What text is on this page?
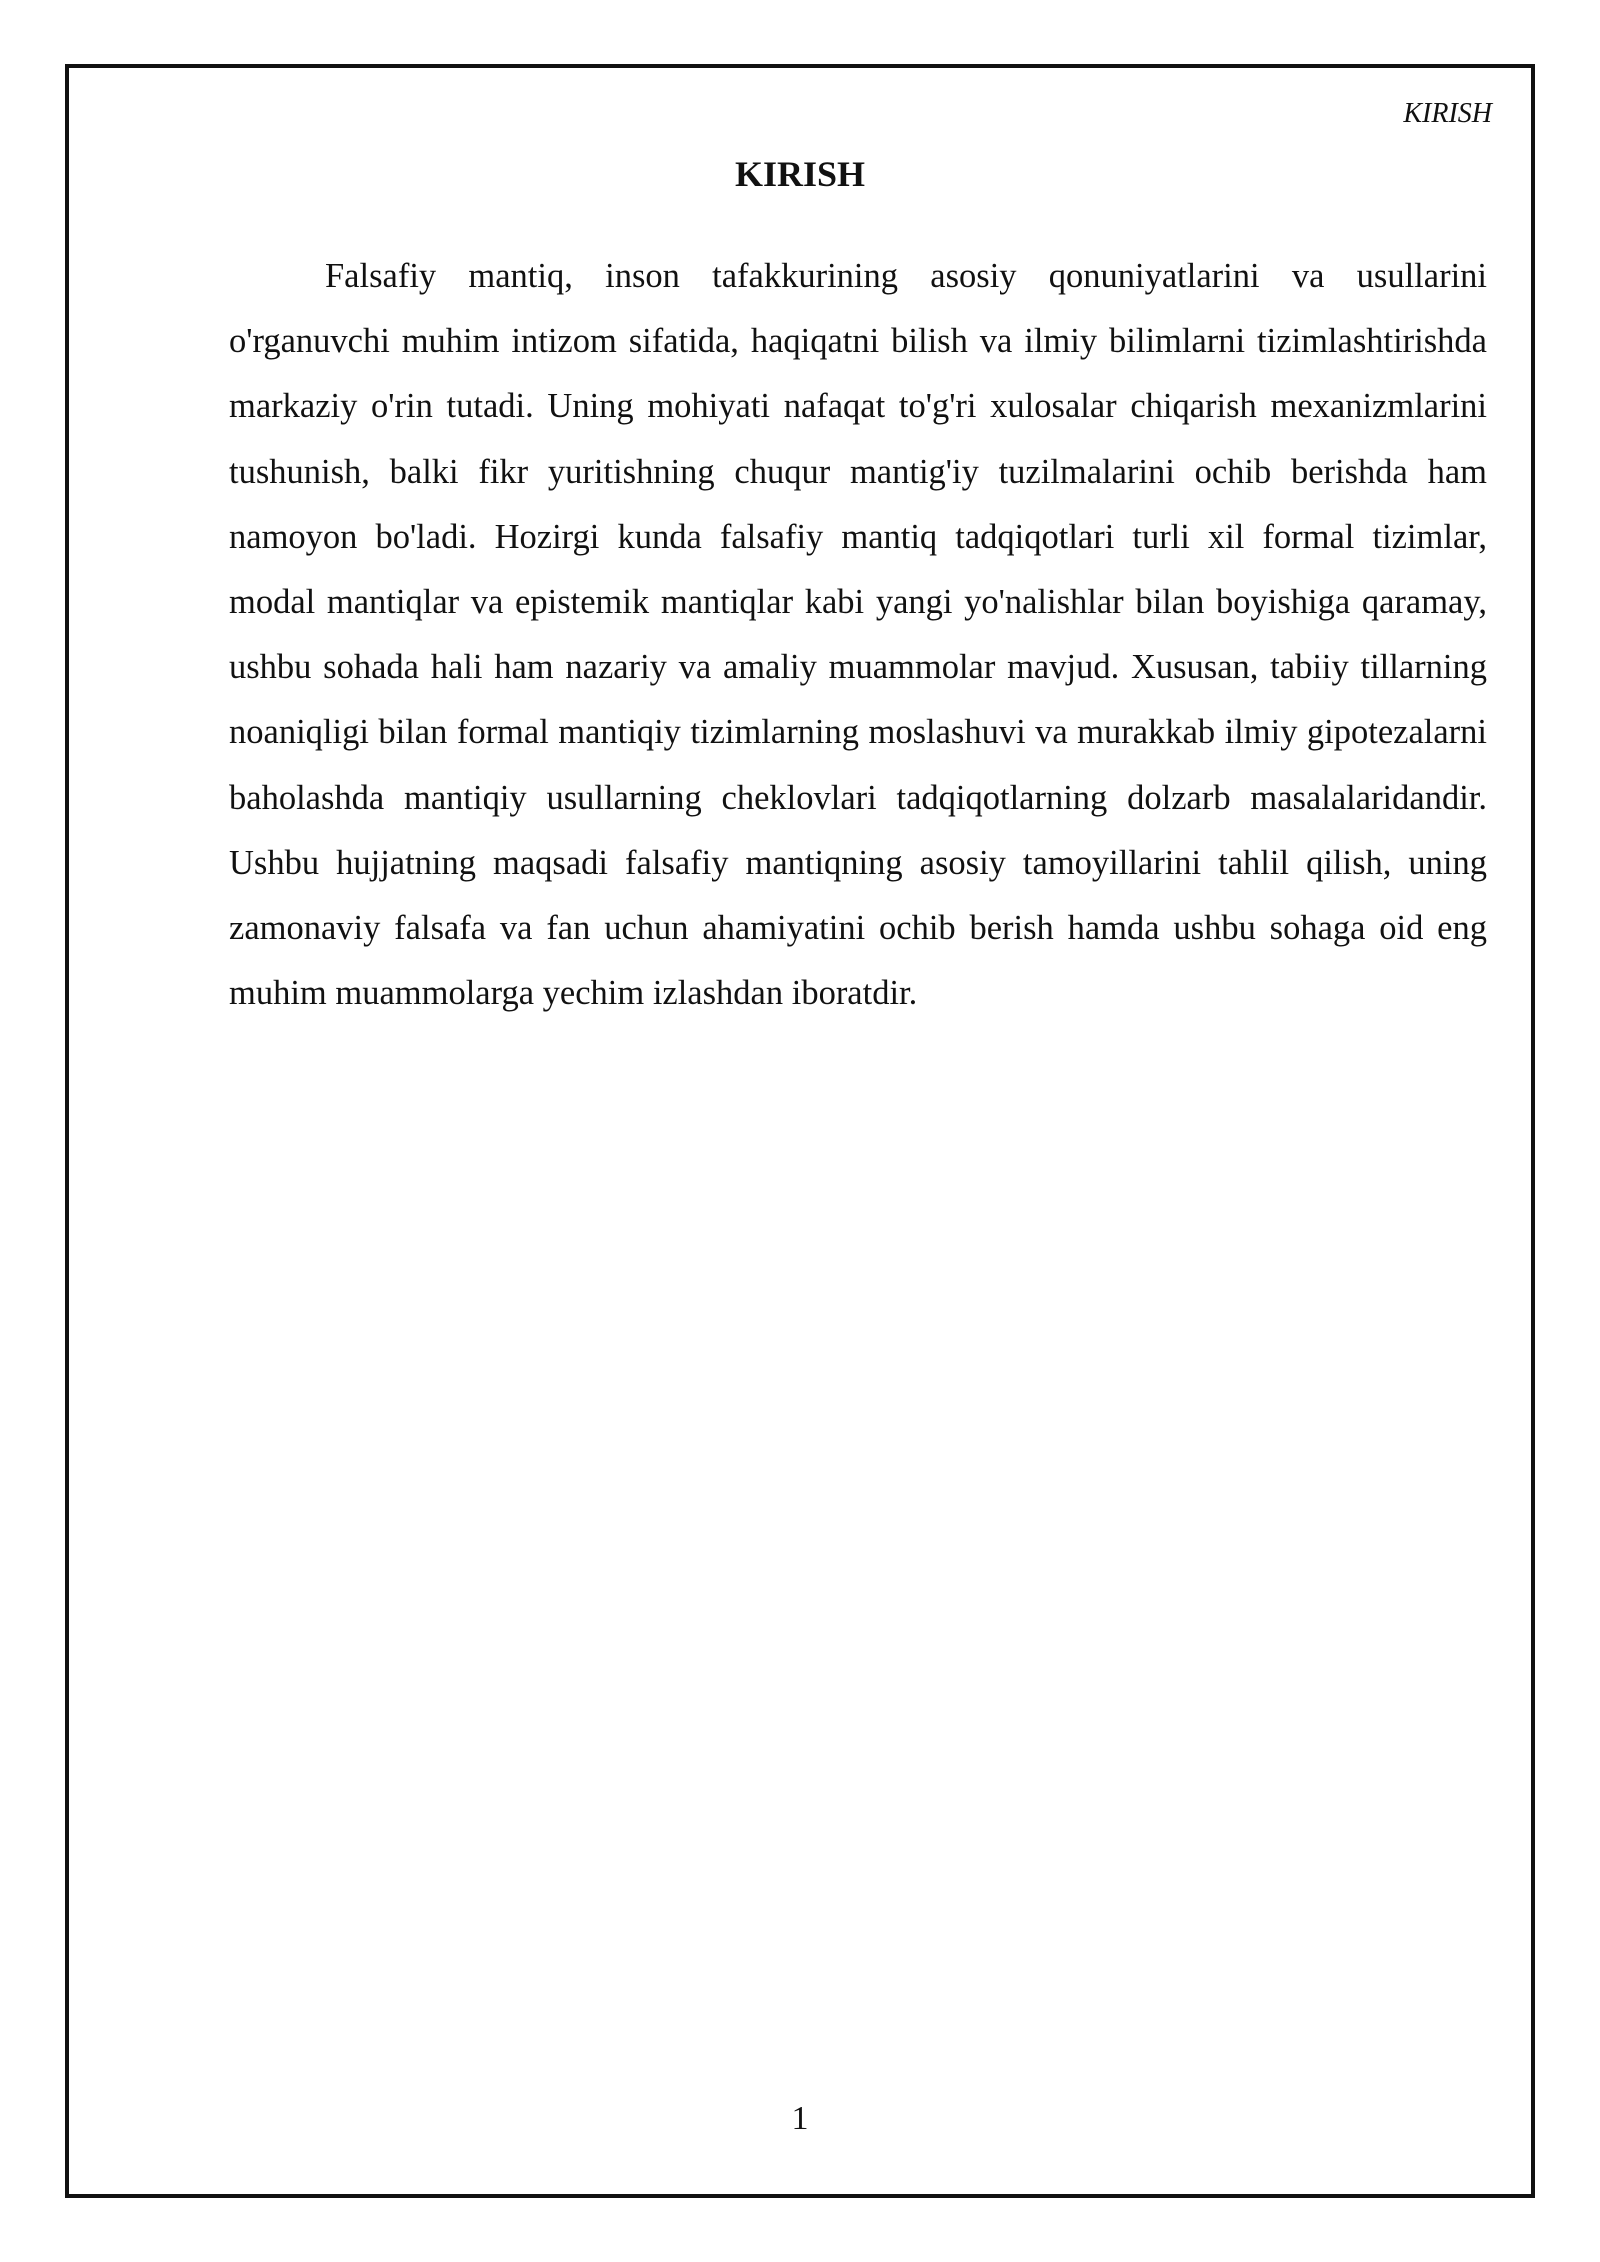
KIRISH
KIRISH

Falsafiy mantiq, inson tafakkurining asosiy qonuniyatlarini va usullarini o'rganuvchi muhim intizom sifatida, haqiqatni bilish va ilmiy bilimlarni tizimlashtirishda markaziy o'rin tutadi. Uning mohiyati nafaqat to'g'ri xulosalar chiqarish mexanizmlarini tushunish, balki fikr yuritishning chuqur mantig'iy tuzilmalarini ochib berishda ham namoyon bo'ladi. Hozirgi kunda falsafiy mantiq tadqiqotlari turli xil formal tizimlar, modal mantiqlar va epistemik mantiqlar kabi yangi yo'nalishlar bilan boyishiga qaramay, ushbu sohada hali ham nazariy va amaliy muammolar mavjud. Xususan, tabiiy tillarning noaniqligi bilan formal mantiqiy tizimlarning moslashuvi va murakkab ilmiy gipotezalarni baholashda mantiqiy usullarning cheklovlari tadqiqotlarning dolzarb masalalaridandir. Ushbu hujjatning maqsadi falsafiy mantiqning asosiy tamoyillarini tahlil qilish, uning zamonaviy falsafa va fan uchun ahamiyatini ochib berish hamda ushbu sohaga oid eng muhim muammolarga yechim izlashdan iboratdir.

1
